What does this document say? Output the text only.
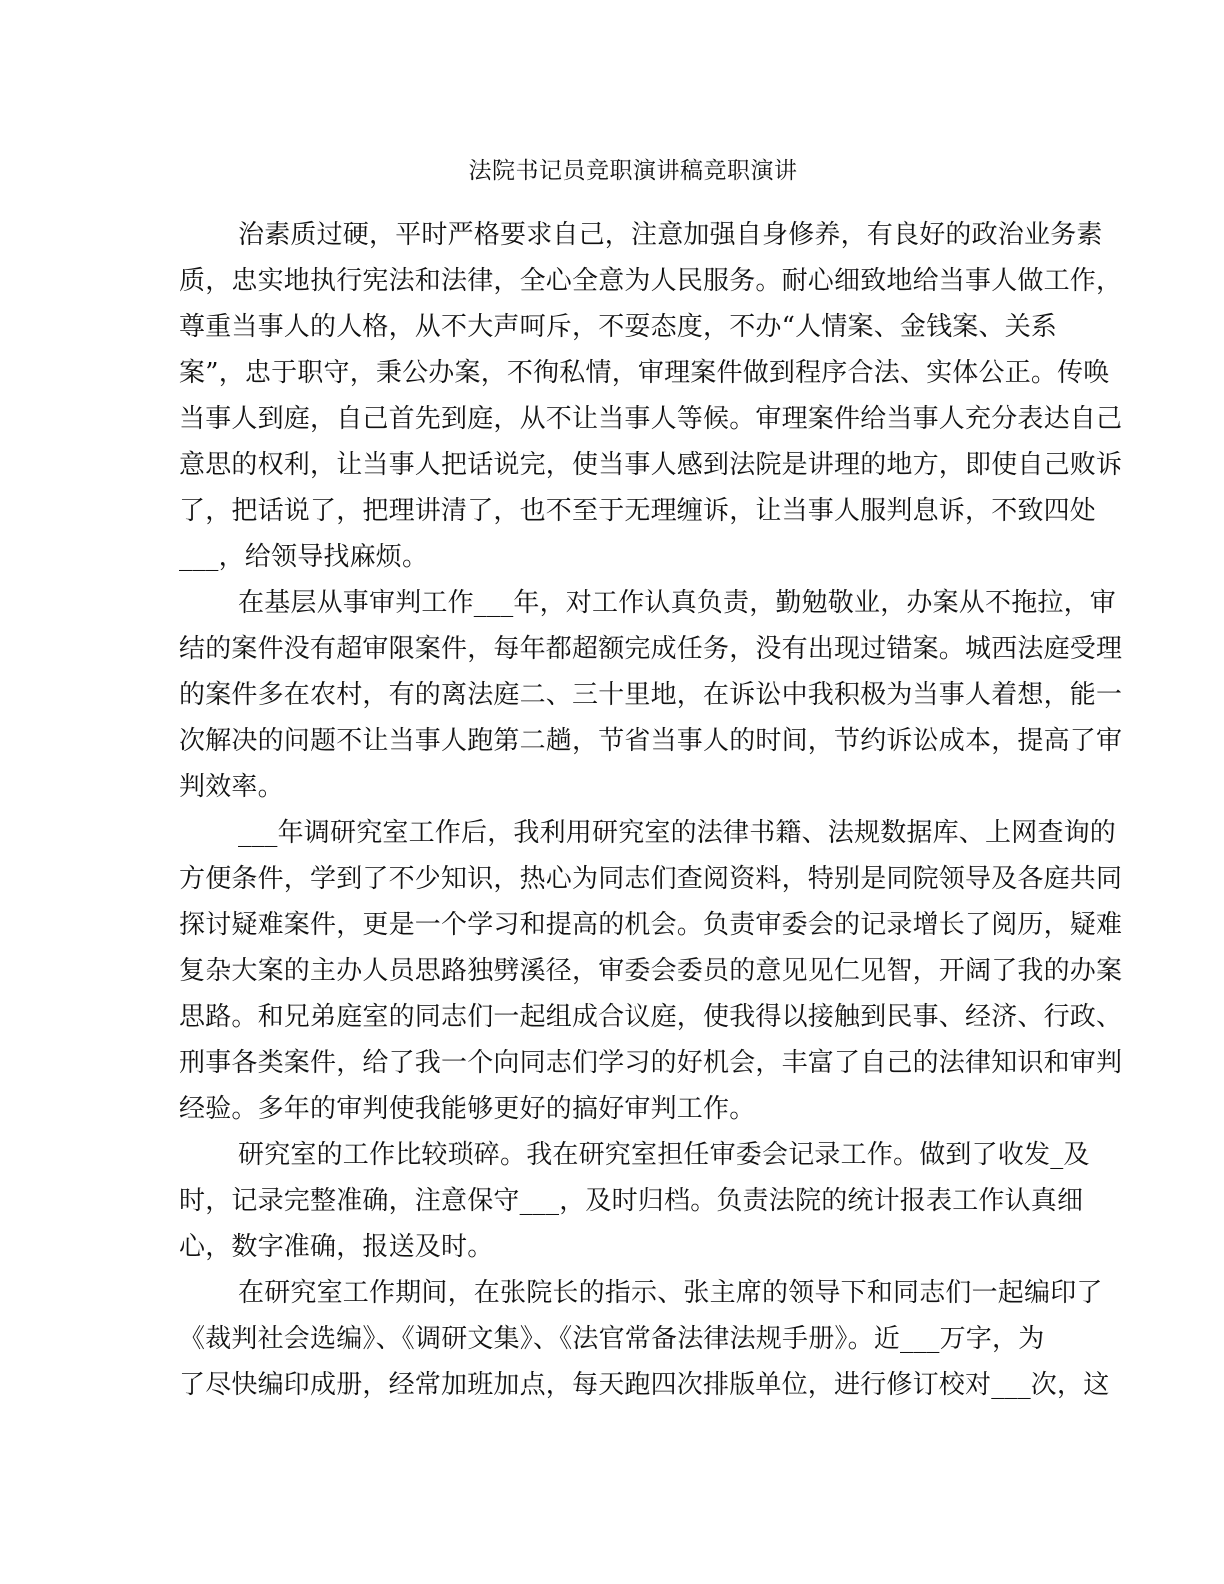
法院书记员竞职演讲稿竞职演讲

治素质过硬，平时严格要求自己，注意加强自身修养，有良好的政治业务素

质，忠实地执行宪法和法律，全心全意为人民服务。耐心细致地给当事人做工作，

尊重当事人的人格，从不大声呵斥，不耍态度，不办“人情案、金钱案、关系

案”，忠于职守，秉公办案，不徇私情，审理案件做到程序合法、实体公正。传唤

当事人到庭，自己首先到庭，从不让当事人等候。审理案件给当事人充分表达自己

意思的权利，让当事人把话说完，使当事人感到法院是讲理的地方，即使自己败诉

了，把话说了，把理讲清了，也不至于无理缠诉，让当事人服判息诉，不致四处

___，给领导找麻烦。

在基层从事审判工作___年，对工作认真负责，勤勉敬业，办案从不拖拉，审

结的案件没有超审限案件，每年都超额完成任务，没有出现过错案。城西法庭受理

的案件多在农村，有的离法庭二、三十里地，在诉讼中我积极为当事人着想，能一

次解决的问题不让当事人跑第二趟，节省当事人的时间，节约诉讼成本，提高了审

判效率。

___年调研究室工作后，我利用研究室的法律书籍、法规数据库、上网查询的

方便条件，学到了不少知识，热心为同志们查阅资料，特别是同院领导及各庭共同

探讨疑难案件，更是一个学习和提高的机会。负责审委会的记录增长了阅历，疑难

复杂大案的主办人员思路独劈溪径，审委会委员的意见见仁见智，开阔了我的办案

思路。和兄弟庭室的同志们一起组成合议庭，使我得以接触到民事、经济、行政、

刑事各类案件，给了我一个向同志们学习的好机会，丰富了自己的法律知识和审判

经验。多年的审判使我能够更好的搞好审判工作。

研究室的工作比较琐碎。我在研究室担任审委会记录工作。做到了收发_及

时，记录完整准确，注意保守___，及时归档。负责法院的统计报表工作认真细

心，数字准确，报送及时。

在研究室工作期间，在张院长的指示、张主席的领导下和同志们一起编印了

《裁判社会选编》、《调研文集》、《法官常备法律法规手册》。近___万字，为

了尽快编印成册，经常加班加点，每天跑四次排版单位，进行修订校对___次，这
